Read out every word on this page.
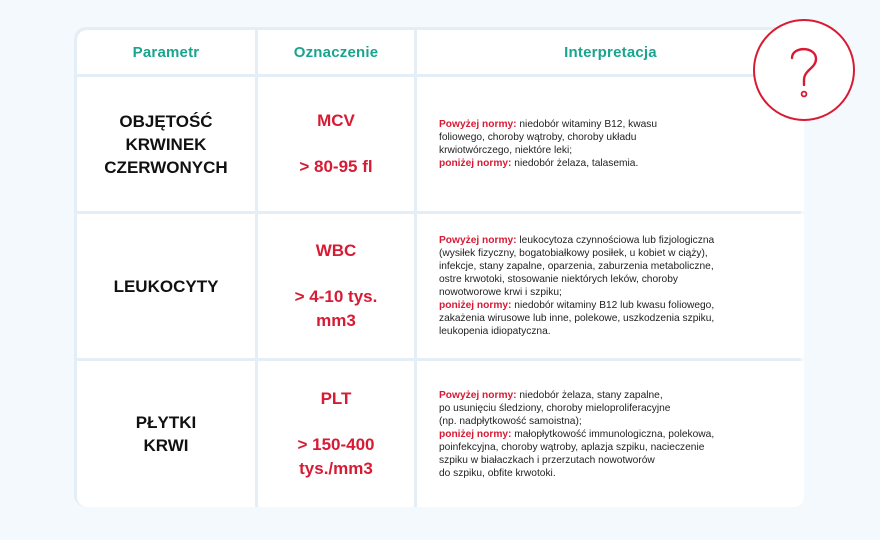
Parametr	Oznaczenie	Interpretacja
OBJĘTOŚĆ
KRWINEK
CZERWONYCH
MCV
> 80-95 fl

Powyżej normy: niedobór witaminy B12, kwasu
foliowego, choroby wątroby, choroby układu
krwiotwórczego, niektóre leki;
poniżej normy: niedobór żelaza, talasemia.

LEUKOCYTY
WBC
> 4-10 tys.
mm3

Powyżej normy: leukocytoza czynnościowa lub fizjologiczna
(wysiłek fizyczny, bogatobiałkowy posiłek, u kobiet w ciąży),
infekcje, stany zapalne, oparzenia, zaburzenia metaboliczne,
ostre krwotoki, stosowanie niektórych leków, choroby
nowotworowe krwi i szpiku;
poniżej normy: niedobór witaminy B12 lub kwasu foliowego,
zakażenia wirusowe lub inne, polekowe, uszkodzenia szpiku,
leukopenia idiopatyczna.

PŁYTKI
KRWI
PLT
> 150-400
tys./mm3

Powyżej normy: niedobór żelaza, stany zapalne,
po usunięciu śledziony, choroby mieloproliferacyjne
(np. nadpłytkowość samoistna);
poniżej normy: małopłytkowość immunologiczna, polekowa,
poinfekcyjna, choroby wątroby, aplazja szpiku, nacieczenie
szpiku w białaczkach i przerzutach nowotworów
do szpiku, obfite krwotoki.
